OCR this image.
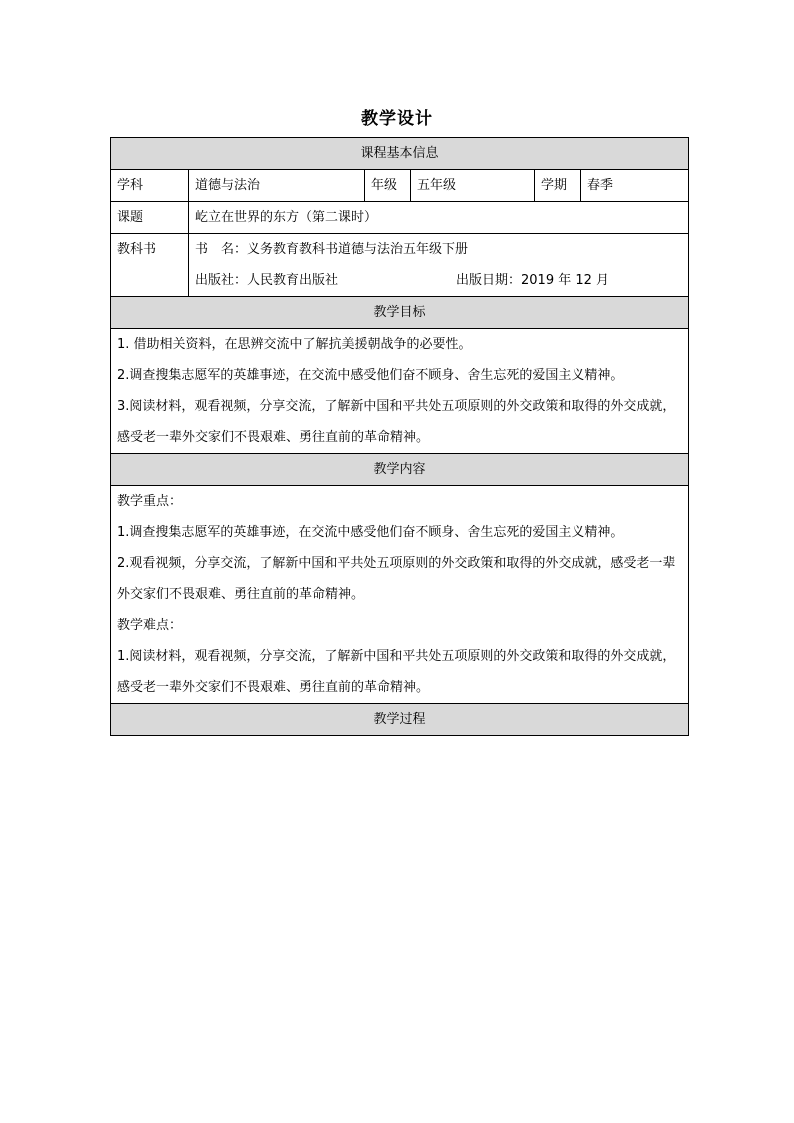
教学设计
课程基本信息					
学科	道德与法治	年级	五年级	学期	春季
课题	屹立在世界的东方（第二课时）				
教科书	书　名：义务教育教科书道德与法治五年级下册
出版社：人民教育出版社 出版日期：2019 年 12 月				

教学目标					

1. 借助相关资料，在思辨交流中了解抗美援朝战争的必要性。

2.调查搜集志愿军的英雄事迹，在交流中感受他们奋不顾身、舍生忘死的爱国主义精神。

3.阅读材料，观看视频，分享交流，了解新中国和平共处五项原则的外交政策和取得的外交成就，感受老一辈外交家们不畏艰难、勇往直前的革命精神。					

教学内容					

教学重点：

1.调查搜集志愿军的英雄事迹，在交流中感受他们奋不顾身、舍生忘死的爱国主义精神。

2.观看视频，分享交流，了解新中国和平共处五项原则的外交政策和取得的外交成就，感受老一辈外交家们不畏艰难、勇往直前的革命精神。

教学难点：

1.阅读材料，观看视频，分享交流，了解新中国和平共处五项原则的外交政策和取得的外交成就，感受老一辈外交家们不畏艰难、勇往直前的革命精神。					

教学过程					
